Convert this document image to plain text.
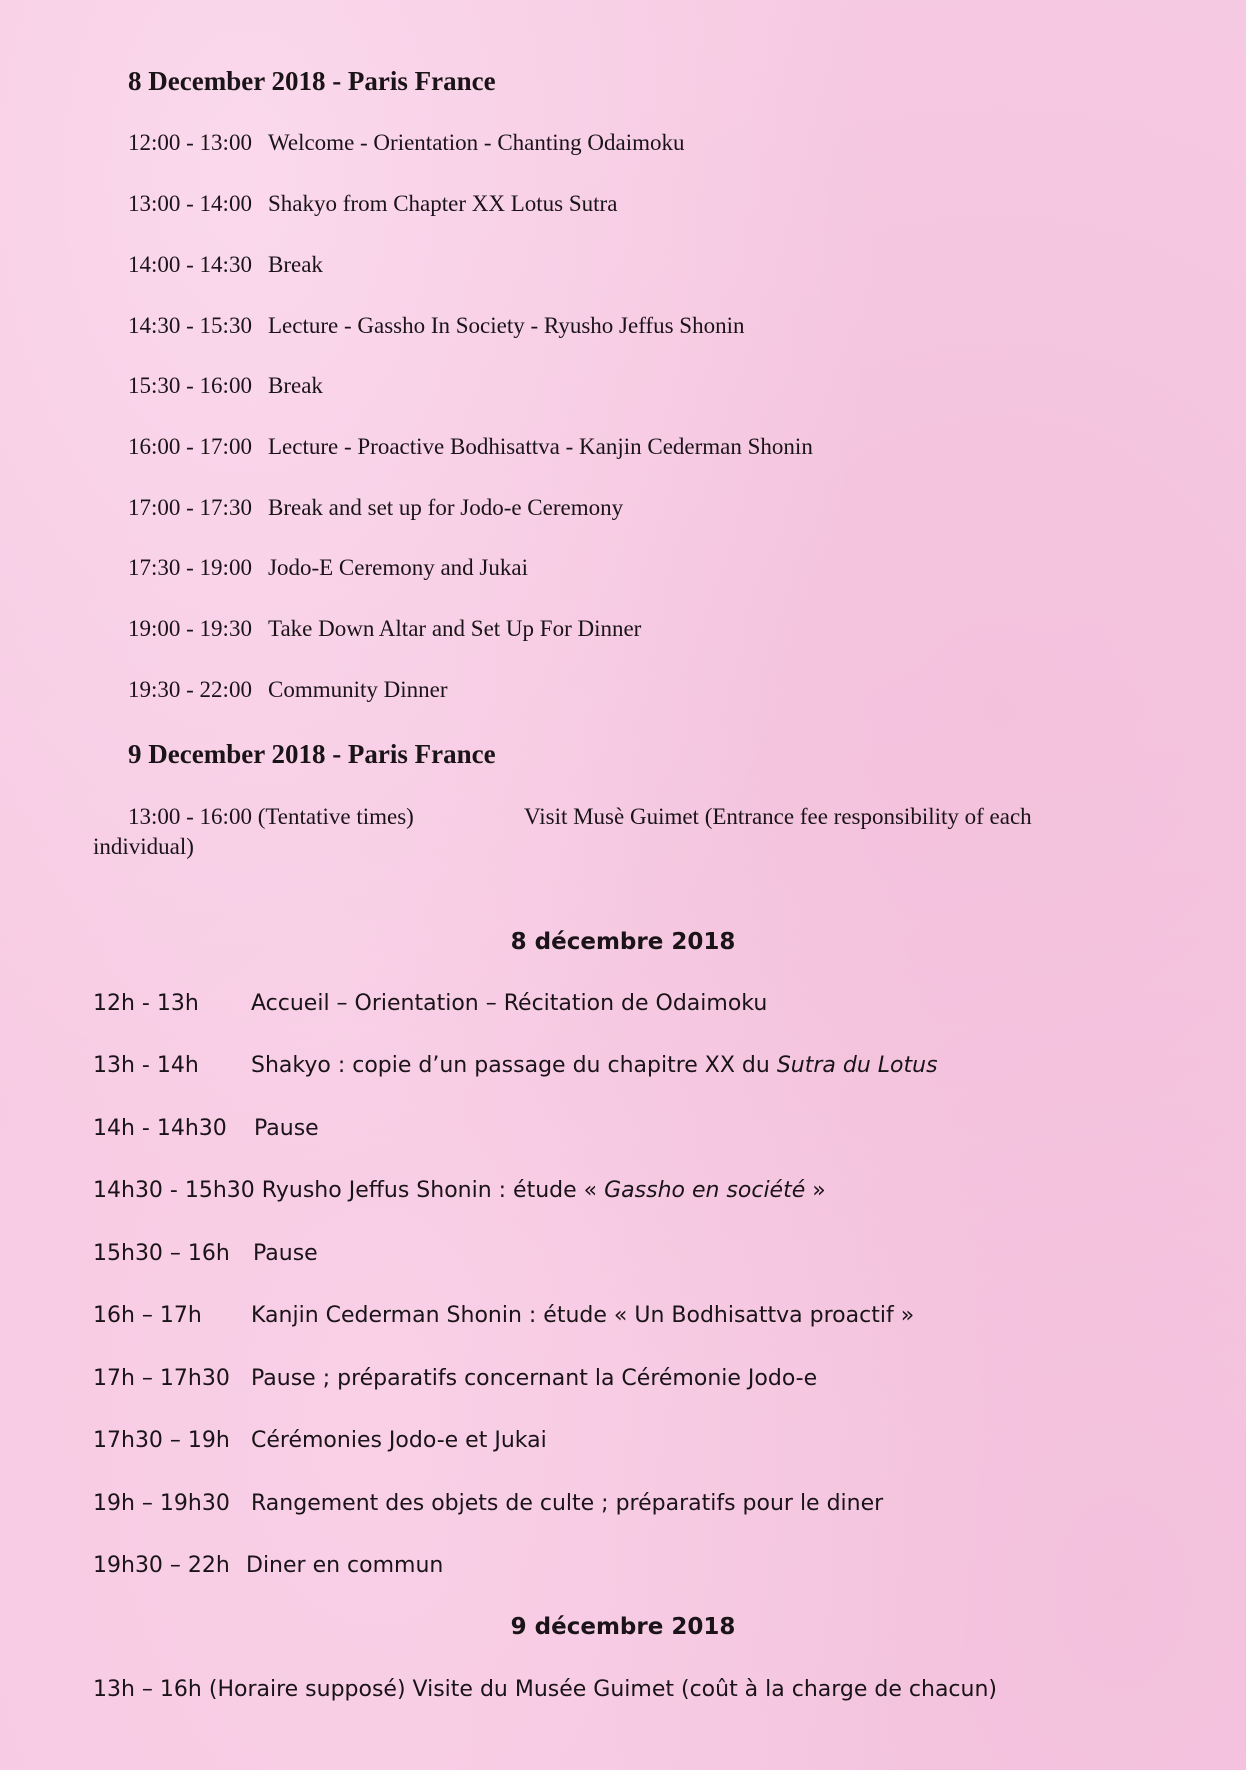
8 December 2018 - Paris France
12:00 - 13:00 Welcome - Orientation - Chanting Odaimoku
13:00 - 14:00 Shakyo from Chapter XX Lotus Sutra
14:00 - 14:30 Break
14:30 - 15:30 Lecture - Gassho In Society - Ryusho Jeffus Shonin
15:30 - 16:00 Break
16:00 - 17:00 Lecture - Proactive Bodhisattva - Kanjin Cederman Shonin
17:00 - 17:30 Break and set up for Jodo-e Ceremony
17:30 - 19:00 Jodo-E Ceremony and Jukai
19:00 - 19:30 Take Down Altar and Set Up For Dinner
19:30 - 22:00 Community Dinner
9 December 2018 - Paris France
13:00 - 16:00 (Tentative times)	Visit Musè Guimet (Entrance fee responsibility of each
individual)
8 décembre 2018
12h - 13h Accueil – Orientation – Récitation de Odaimoku
13h - 14h Shakyo : copie d’un passage du chapitre XX du Sutra du Lotus
14h - 14h30 Pause
14h30 - 15h30 Ryusho Jeffus Shonin : étude « Gassho en société »
15h30 – 16h Pause
16h – 17h Kanjin Cederman Shonin : étude « Un Bodhisattva proactif »
17h – 17h30 Pause ; préparatifs concernant la Cérémonie Jodo-e
17h30 – 19h Cérémonies Jodo-e et Jukai
19h – 19h30 Rangement des objets de culte ; préparatifs pour le diner
19h30 – 22h Diner en commun
9 décembre 2018
13h – 16h (Horaire supposé) Visite du Musée Guimet (coût à la charge de chacun)
